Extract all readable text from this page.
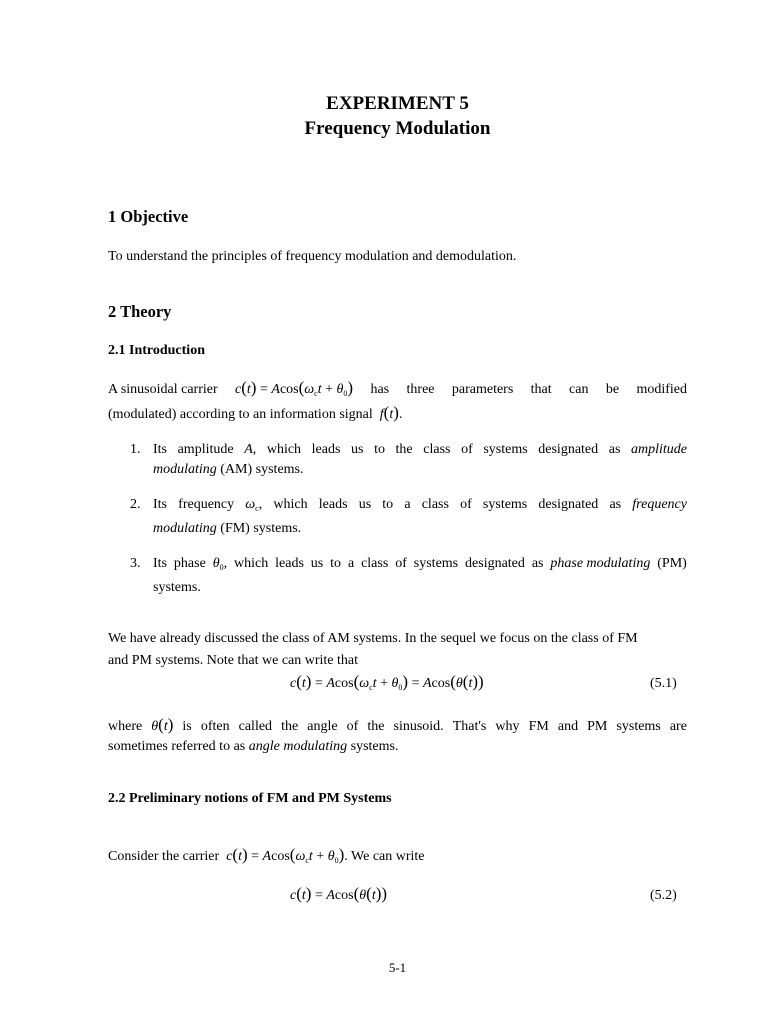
EXPERIMENT 5
Frequency Modulation
1 Objective
To understand the principles of frequency modulation and demodulation.
2 Theory
2.1 Introduction
A sinusoidal carrier $c(t) = Acos(\omega_ct + \theta_0)$ has three parameters that can be modified
(modulated) according to an information signal f(t).
1. Its amplitude A, which leads us to the class of systems designated as amplitude
modulating (AM) systems.
2. Its frequency $\omega_c$, which leads us to a class of systems designated as frequency
modulating (FM) systems.
3. Its phase $\theta_0$, which leads us to a class of systems designated as phase modulating (PM)
systems.
We have already discussed the class of AM systems. In the sequel we focus on the class of FM
and PM systems. Note that we can write that
$c(t) = Acos(\omega_ct + \theta_0) = Acos(\theta(t))$	(5.1)
where θ(t) is often called the angle of the sinusoid. That's why FM and PM systems are
sometimes referred to as angle modulating systems.
2.2 Preliminary notions of FM and PM Systems
Consider the carrier $c(t) = Acos(\omega_ct + \theta_0)$. We can write
c(t) = Acos(θ(t))	(5.2)
5-1
